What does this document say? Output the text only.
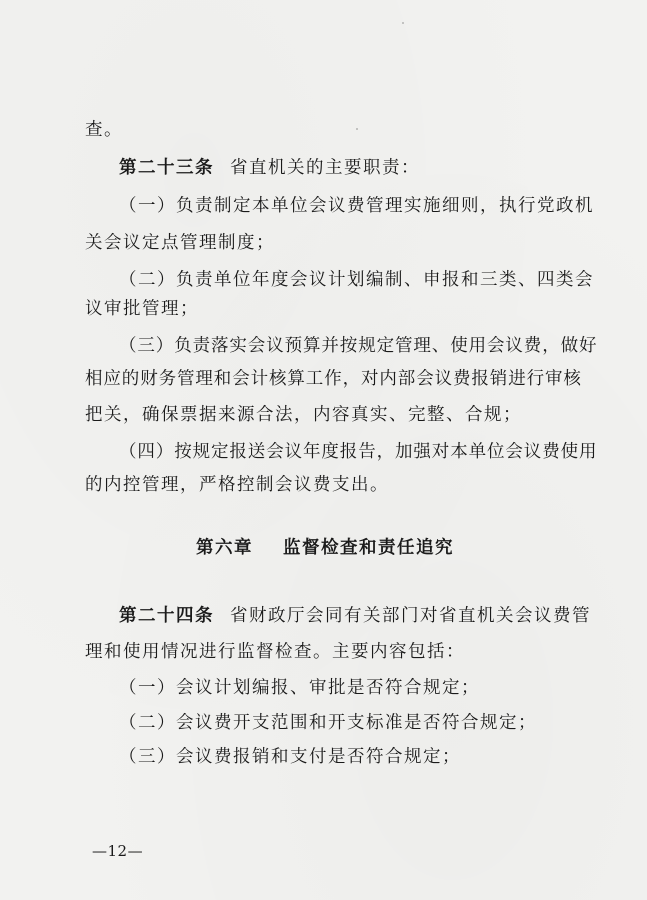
查。

第二十三条 省直机关的主要职责：

（一）负责制定本单位会议费管理实施细则，执行党政机

关会议定点管理制度；

（二）负责单位年度会议计划编制、申报和三类、四类会

议审批管理；

（三）负责落实会议预算并按规定管理、使用会议费，做好

相应的财务管理和会计核算工作，对内部会议费报销进行审核

把关，确保票据来源合法，内容真实、完整、合规；

（四）按规定报送会议年度报告，加强对本单位会议费使用

的内控管理，严格控制会议费支出。

第六章 监督检查和责任追究

第二十四条 省财政厅会同有关部门对省直机关会议费管

理和使用情况进行监督检查。主要内容包括：

（一）会议计划编报、审批是否符合规定；

（二）会议费开支范围和开支标准是否符合规定；

（三）会议费报销和支付是否符合规定；

—12—
